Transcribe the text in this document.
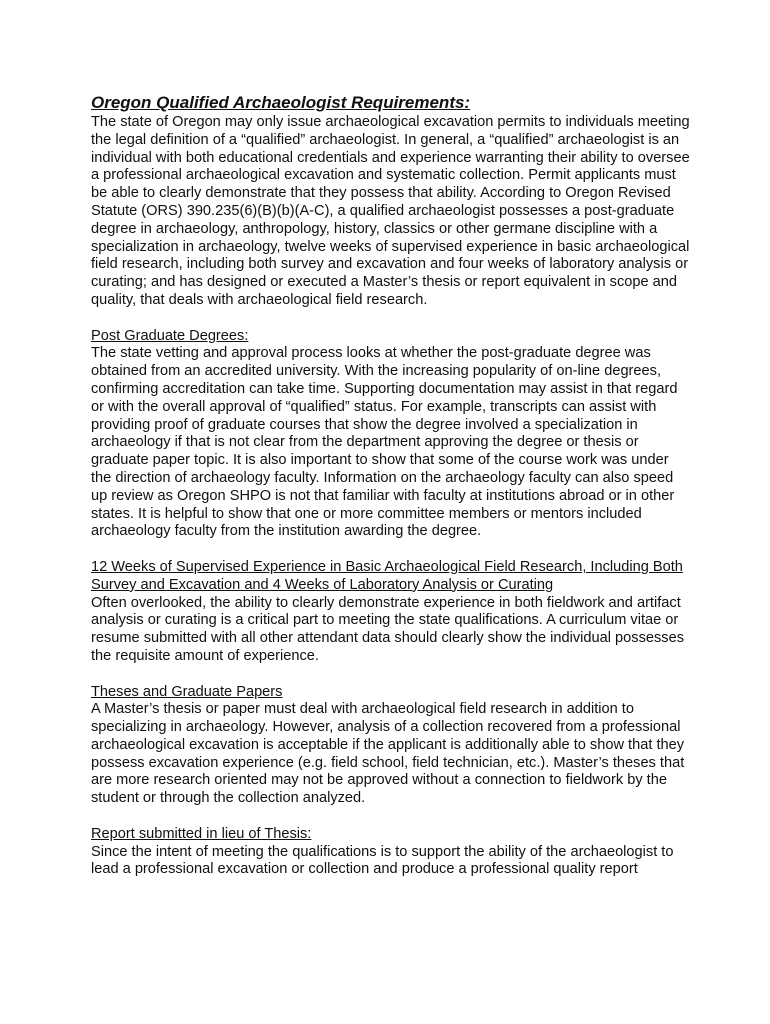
Oregon Qualified Archaeologist Requirements:

The state of Oregon may only issue archaeological excavation permits to individuals meeting the legal definition of a “qualified” archaeologist. In general, a “qualified” archaeologist is an individual with both educational credentials and experience warranting their ability to oversee a professional archaeological excavation and systematic collection. Permit applicants must be able to clearly demonstrate that they possess that ability. According to Oregon Revised Statute (ORS) 390.235(6)(B)(b)(A-C), a qualified archaeologist possesses a post-graduate degree in archaeology, anthropology, history, classics or other germane discipline with a specialization in archaeology, twelve weeks of supervised experience in basic archaeological field research, including both survey and excavation and four weeks of laboratory analysis or curating; and has designed or executed a Master’s thesis or report equivalent in scope and quality, that deals with archaeological field research.

Post Graduate Degrees:

The state vetting and approval process looks at whether the post-graduate degree was obtained from an accredited university. With the increasing popularity of on-line degrees, confirming accreditation can take time. Supporting documentation may assist in that regard or with the overall approval of “qualified” status. For example, transcripts can assist with providing proof of graduate courses that show the degree involved a specialization in archaeology if that is not clear from the department approving the degree or thesis or graduate paper topic. It is also important to show that some of the course work was under the direction of archaeology faculty. Information on the archaeology faculty can also speed up review as Oregon SHPO is not that familiar with faculty at institutions abroad or in other states. It is helpful to show that one or more committee members or mentors included archaeology faculty from the institution awarding the degree.

12 Weeks of Supervised Experience in Basic Archaeological Field Research, Including Both Survey and Excavation and 4 Weeks of Laboratory Analysis or Curating

Often overlooked, the ability to clearly demonstrate experience in both fieldwork and artifact analysis or curating is a critical part to meeting the state qualifications. A curriculum vitae or resume submitted with all other attendant data should clearly show the individual possesses the requisite amount of experience.

Theses and Graduate Papers

A Master’s thesis or paper must deal with archaeological field research in addition to specializing in archaeology. However, analysis of a collection recovered from a professional archaeological excavation is acceptable if the applicant is additionally able to show that they possess excavation experience (e.g. field school, field technician, etc.). Master’s theses that are more research oriented may not be approved without a connection to fieldwork by the student or through the collection analyzed.

Report submitted in lieu of Thesis:

Since the intent of meeting the qualifications is to support the ability of the archaeologist to lead a professional excavation or collection and produce a professional quality report
